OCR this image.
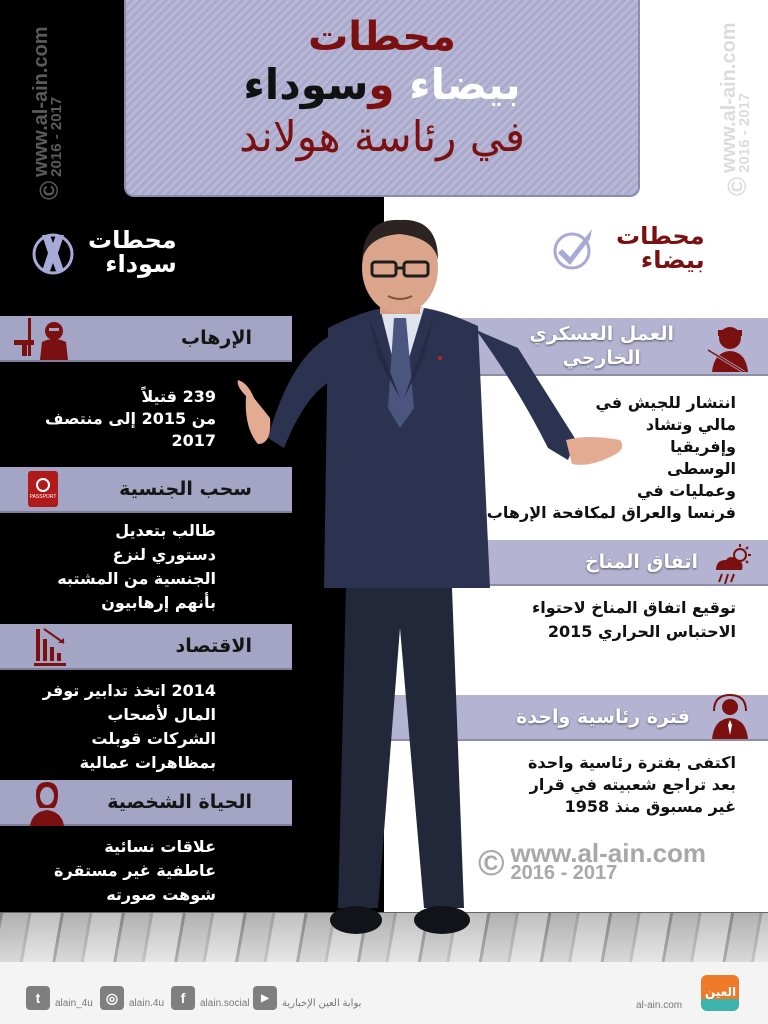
©
www.al-ain.com
2016 - 2017
©
www.al-ain.com
2016 - 2017
محطات
بيضاء وسوداء
في رئاسة هولاند
محطات
سوداء
محطات
بيضاء
الإرهاب
سحب الجنسية
PASSPORT
الاقتصاد
الحياة الشخصية
العمل العسكري
الخارجي
اتفاق المناخ
فترة رئاسية واحدة
239 قتيلاً
من 2015 إلى منتصف
2017
طالب بتعديل
دستوري لنزع
الجنسية من المشتبه
بأنهم إرهابيون
2014 اتخذ تدابير توفر
المال لأصحاب
الشركات قوبلت
بمظاهرات عمالية
علاقات نسائية
عاطفية غير مستقرة
شوهت صورته
انتشار للجيش في
مالي وتشاد
وإفريقيا
الوسطى
وعمليات في
فرنسا والعراق لمكافحة الإرهاب
توقيع اتفاق المناخ لاحتواء
الاحتباس الحراري 2015
اكتفى بفترة رئاسية واحدة
بعد تراجع شعبيته في قرار
غير مسبوق منذ 1958
© www.al-ain.com
2016 - 2017
t	alain_4u ◎	alain.4u	f	alain.social	▶	بوابة العين الإخبارية	al-ain.com
العين
